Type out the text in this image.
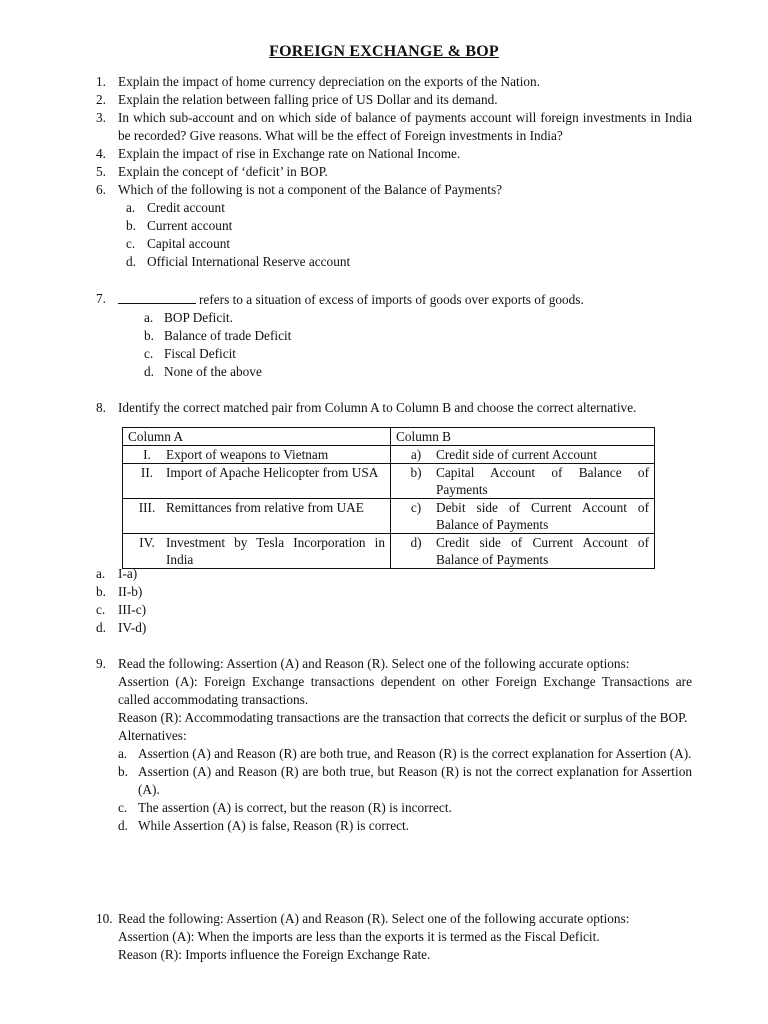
FOREIGN EXCHANGE & BOP
1. Explain the impact of home currency depreciation on the exports of the Nation.
2. Explain the relation between falling price of US Dollar and its demand.
3. In which sub-account and on which side of balance of payments account will foreign investments in India be recorded? Give reasons. What will be the effect of Foreign investments in India?
4. Explain the impact of rise in Exchange rate on National Income.
5. Explain the concept of ‘deficit’ in BOP.
6. Which of the following is not a component of the Balance of Payments?
a. Credit account
b. Current account
c. Capital account
d. Official International Reserve account
7.	refers to a situation of excess of imports of goods over exports of goods.
a. BOP Deficit.
b. Balance of trade Deficit
c. Fiscal Deficit
d. None of the above
8. Identify the correct matched pair from Column A to Column B and choose the correct alternative.
Column A	Column B

I. Export of weapons to Vietnam	a) Credit side of current Account

II. Import of Apache Helicopter from USA	b) Capital Account of Balance of Payments

III. Remittances from relative from UAE	c) Debit side of Current Account of Balance of Payments

IV. Investment by Tesla Incorporation in India	d) Credit side of Current Account of Balance of Payments
a. I-a)
b. II-b)
c. III-c)
d. IV-d)
9. Read the following: Assertion (A) and Reason (R). Select one of the following accurate options:
Assertion (A): Foreign Exchange transactions dependent on other Foreign Exchange Transactions are called accommodating transactions.
Reason (R): Accommodating transactions are the transaction that corrects the deficit or surplus of the BOP.
Alternatives:
a. Assertion (A) and Reason (R) are both true, and Reason (R) is the correct explanation for Assertion (A).
b. Assertion (A) and Reason (R) are both true, but Reason (R) is not the correct explanation for Assertion (A).
c. The assertion (A) is correct, but the reason (R) is incorrect.
d. While Assertion (A) is false, Reason (R) is correct.
10. Read the following: Assertion (A) and Reason (R). Select one of the following accurate options:
Assertion (A): When the imports are less than the exports it is termed as the Fiscal Deficit.
Reason (R): Imports influence the Foreign Exchange Rate.
